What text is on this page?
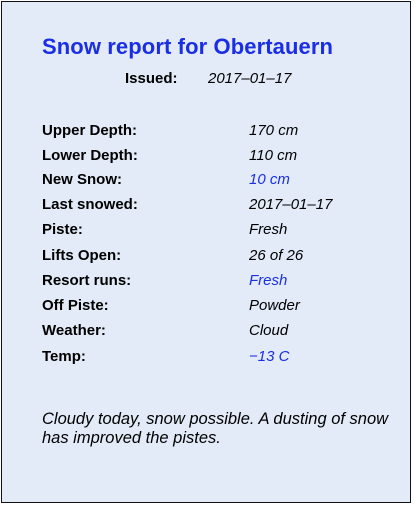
Snow report for Obertauern
Issued: 2017–01–17
Upper Depth:	170 cm
Lower Depth:	110 cm
New Snow:	10 cm
Last snowed:	2017–01–17
Piste:	Fresh
Lifts Open:	26 of 26
Resort runs:	Fresh
Off Piste:	Powder
Weather:	Cloud
Temp:	−13 C
Cloudy today, snow possible. A dusting of snow has improved the pistes.
